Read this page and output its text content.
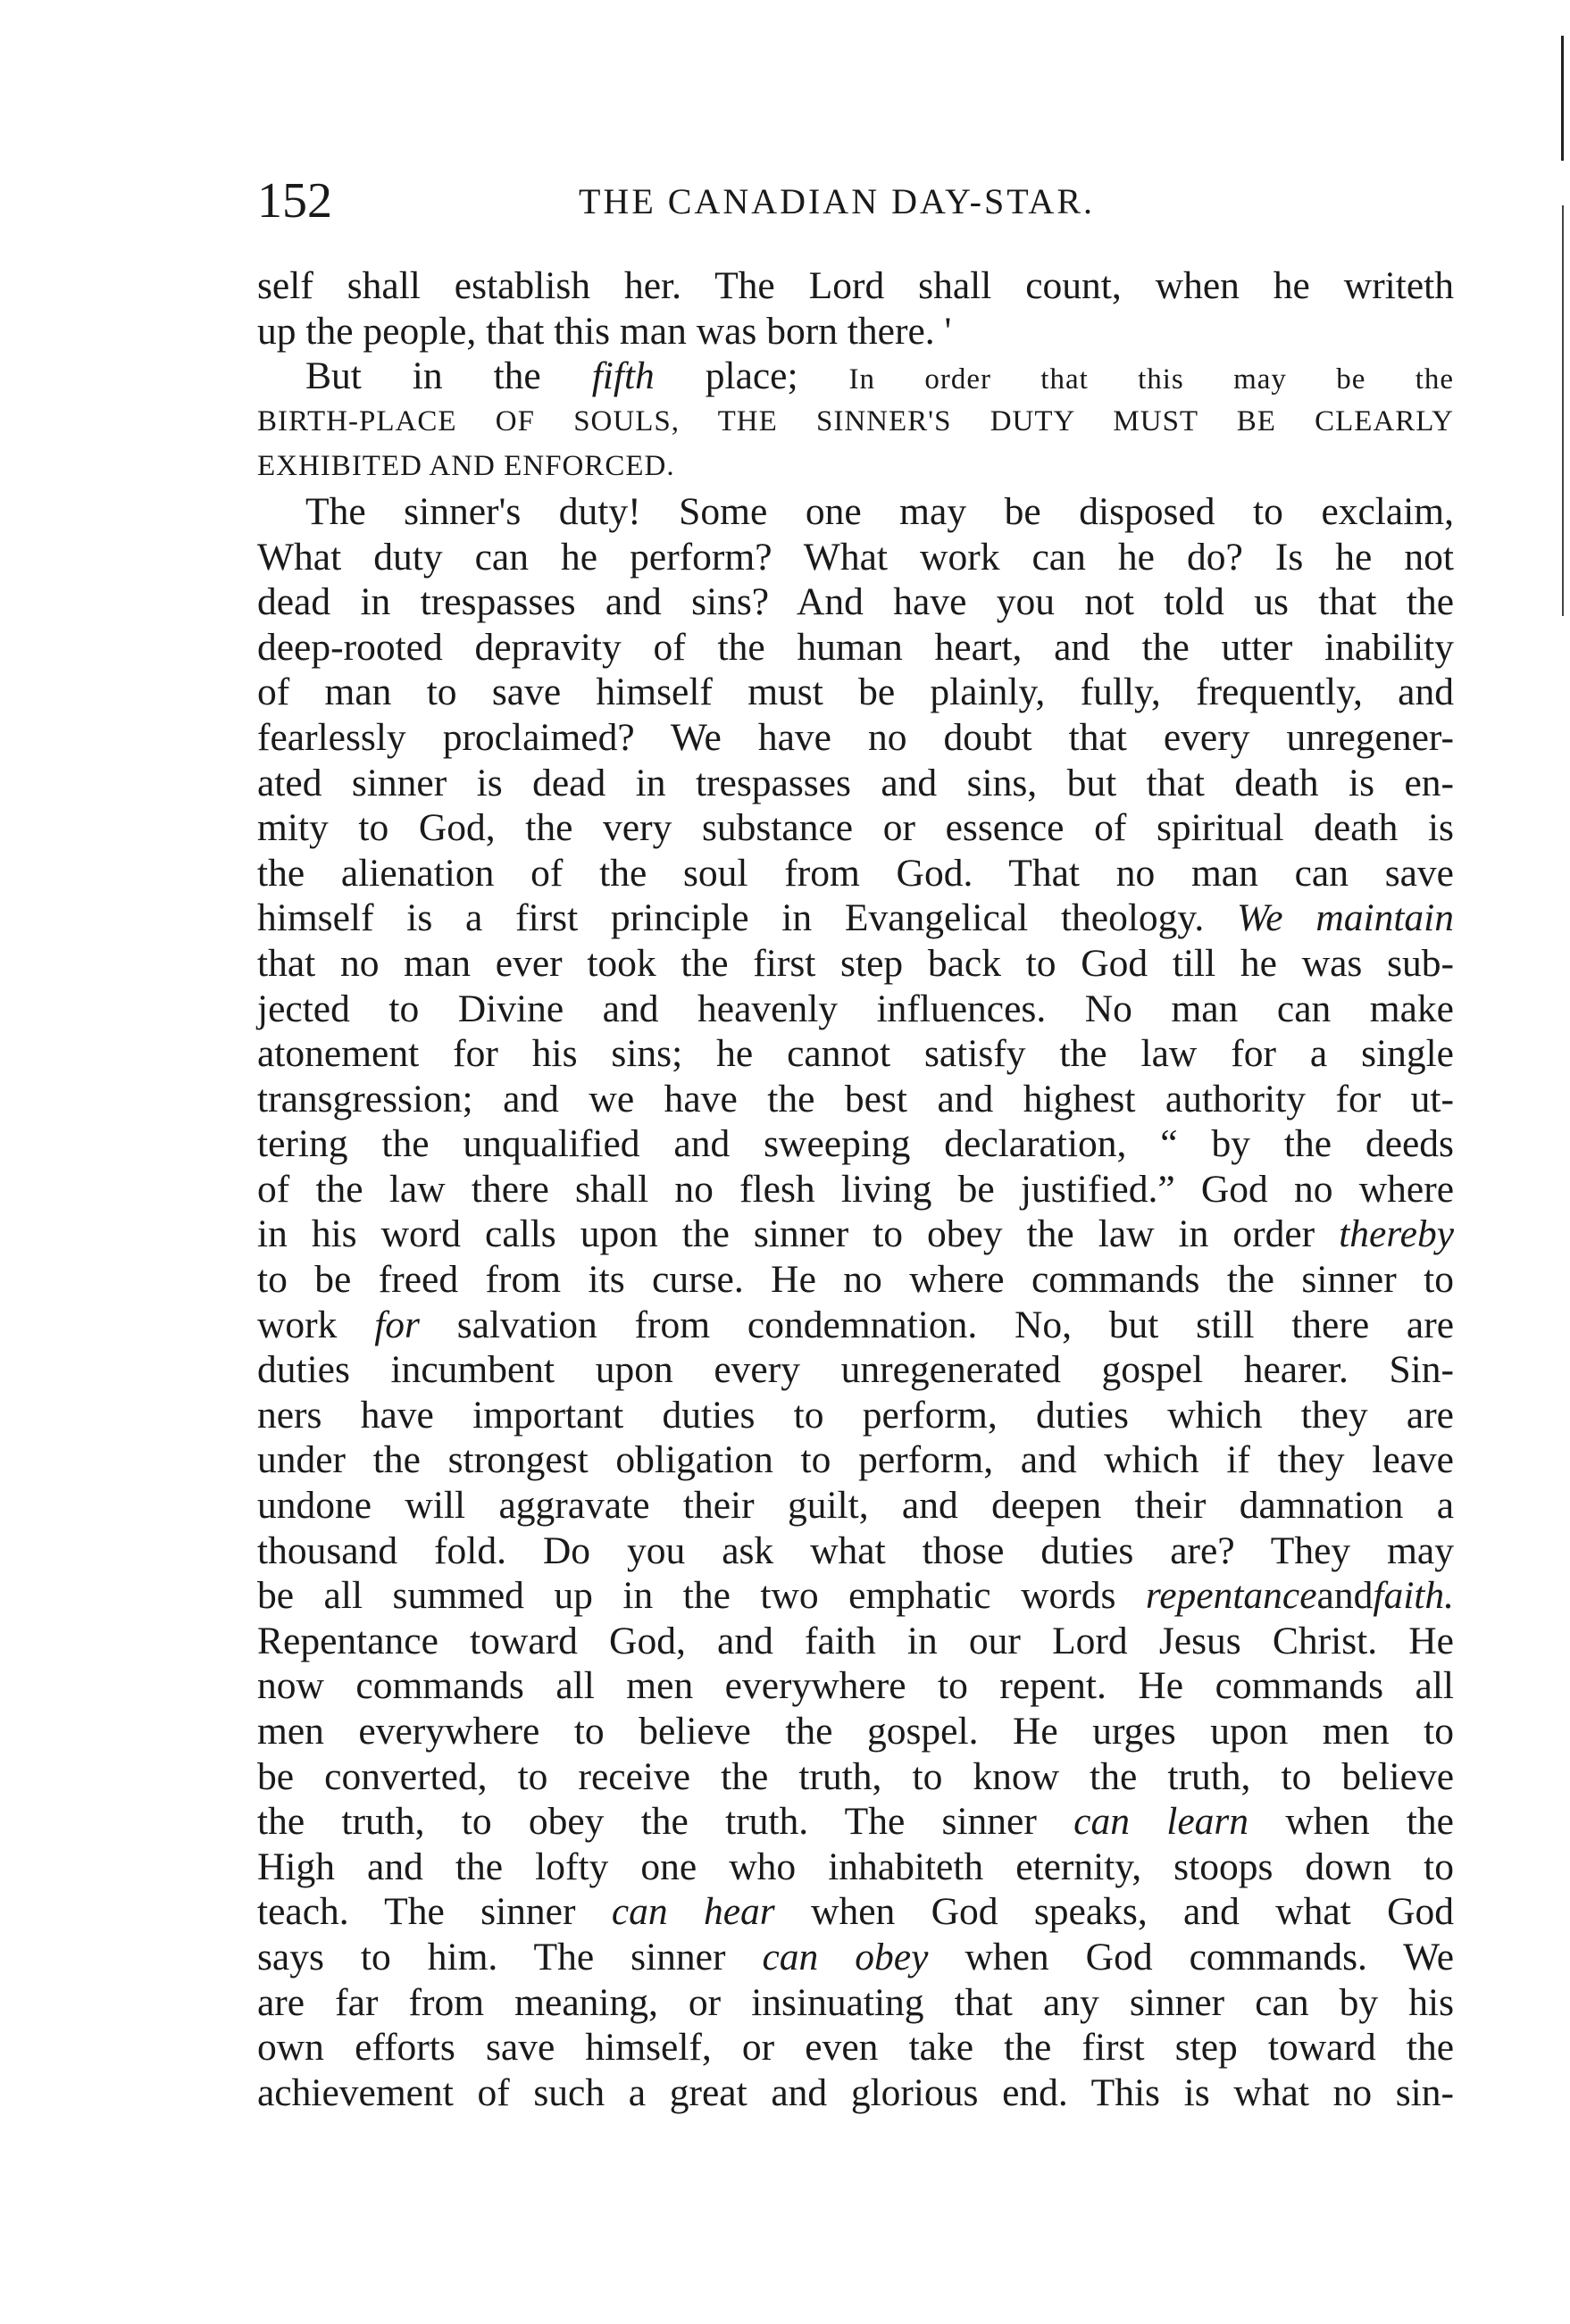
152	THE CANADIAN DAY-STAR.
self shall establish her. The Lord shall count, when he writeth
up the people, that this man was born there. '
But in the fifth place; In order that this may be the
BIRTH-PLACE OF SOULS, THE SINNER'S DUTY MUST BE CLEARLY
EXHIBITED AND ENFORCED.
The sinner's duty! Some one may be disposed to exclaim,
What duty can he perform? What work can he do? Is he not
dead in trespasses and sins? And have you not told us that the
deep-rooted depravity of the human heart, and the utter inability
of man to save himself must be plainly, fully, frequently, and
fearlessly proclaimed? We have no doubt that every unregener-
ated sinner is dead in trespasses and sins, but that death is en-
mity to God, the very substance or essence of spiritual death is
the alienation of the soul from God. That no man can save
himself is a first principle in Evangelical theology. We maintain
that no man ever took the first step back to God till he was sub-
jected to Divine and heavenly influences. No man can make
atonement for his sins; he cannot satisfy the law for a single
transgression; and we have the best and highest authority for ut-
tering the unqualified and sweeping declaration, “ by the deeds
of the law there shall no flesh living be justified.” God no where
in his word calls upon the sinner to obey the law in order thereby
to be freed from its curse. He no where commands the sinner to
work for salvation from condemnation. No, but still there are
duties incumbent upon every unregenerated gospel hearer. Sin-
ners have important duties to perform, duties which they are
under the strongest obligation to perform, and which if they leave
undone will aggravate their guilt, and deepen their damnation a
thousand fold. Do you ask what those duties are? They may
be all summed up in the two emphatic words repentanceandfaith.
Repentance toward God, and faith in our Lord Jesus Christ. He
now commands all men everywhere to repent. He commands all
men everywhere to believe the gospel. He urges upon men to
be converted, to receive the truth, to know the truth, to believe
the truth, to obey the truth. The sinner can learn when the
High and the lofty one who inhabiteth eternity, stoops down to
teach. The sinner can hear when God speaks, and what God
says to him. The sinner can obey when God commands. We
are far from meaning, or insinuating that any sinner can by his
own efforts save himself, or even take the first step toward the
achievement of such a great and glorious end. This is what no sin-
